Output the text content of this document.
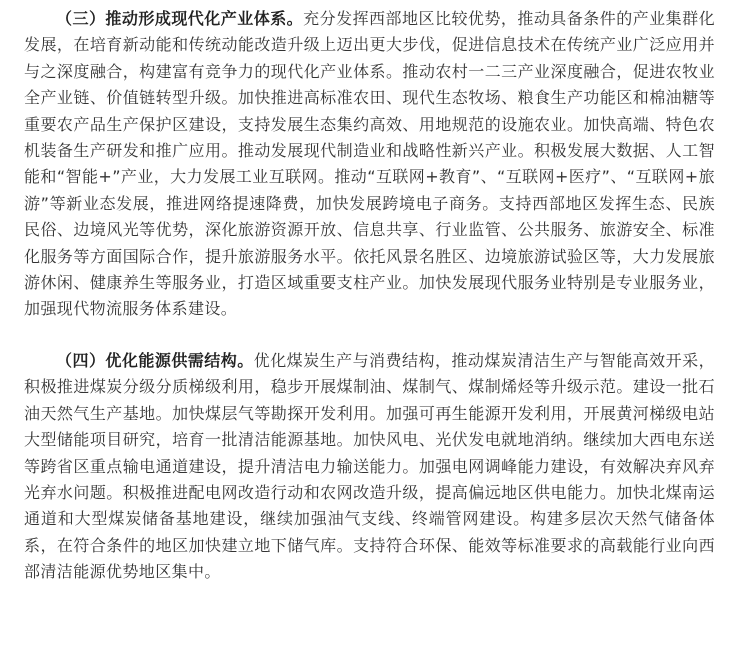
（三）推动形成现代化产业体系。充分发挥西部地区比较优势，推动具备条件的产业集群化发展，在培育新动能和传统动能改造升级上迈出更大步伐，促进信息技术在传统产业广泛应用并与之深度融合，构建富有竞争力的现代化产业体系。推动农村一二三产业深度融合，促进农牧业全产业链、价值链转型升级。加快推进高标准农田、现代生态牧场、粮食生产功能区和棉油糖等重要农产品生产保护区建设，支持发展生态集约高效、用地规范的设施农业。加快高端、特色农机装备生产研发和推广应用。推动发展现代制造业和战略性新兴产业。积极发展大数据、人工智能和“智能+”产业，大力发展工业互联网。推动“互联网+教育”、“互联网+医疗”、“互联网+旅游”等新业态发展，推进网络提速降费，加快发展跨境电子商务。支持西部地区发挥生态、民族民俗、边境风光等优势，深化旅游资源开放、信息共享、行业监管、公共服务、旅游安全、标准化服务等方面国际合作，提升旅游服务水平。依托风景名胜区、边境旅游试验区等，大力发展旅游休闲、健康养生等服务业，打造区域重要支柱产业。加快发展现代服务业特别是专业服务业，加强现代物流服务体系建设。

（四）优化能源供需结构。优化煤炭生产与消费结构，推动煤炭清洁生产与智能高效开采，积极推进煤炭分级分质梯级利用，稳步开展煤制油、煤制气、煤制烯烃等升级示范。建设一批石油天然气生产基地。加快煤层气等勘探开发利用。加强可再生能源开发利用，开展黄河梯级电站大型储能项目研究，培育一批清洁能源基地。加快风电、光伏发电就地消纳。继续加大西电东送等跨省区重点输电通道建设，提升清洁电力输送能力。加强电网调峰能力建设，有效解决弃风弃光弃水问题。积极推进配电网改造行动和农网改造升级，提高偏远地区供电能力。加快北煤南运通道和大型煤炭储备基地建设，继续加强油气支线、终端管网建设。构建多层次天然气储备体系，在符合条件的地区加快建立地下储气库。支持符合环保、能效等标准要求的高载能行业向西部清洁能源优势地区集中。
